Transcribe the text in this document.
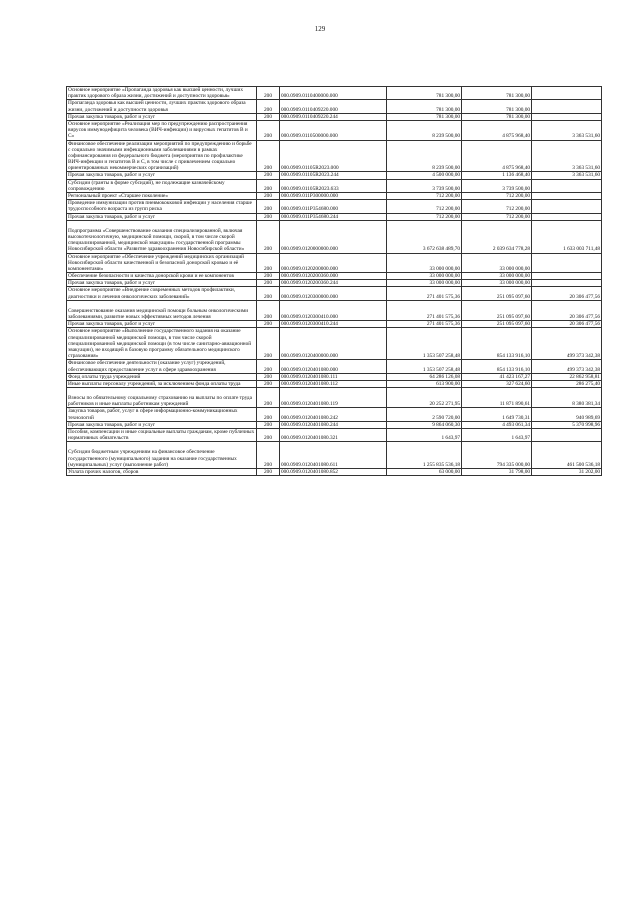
129
Основное мероприятие «Пропаганда здоровья как высшей ценности, лучших практик здорового образа жизни, достижений и доступности здоровья»	200	000.0909.0110400000.000	781 300,00	781 300,00	
Пропаганда здоровья как высшей ценности, лучших практик здорового образа жизни, достижений и доступности здоровья	200	000.0909.0110409220.000	781 300,00	781 300,00	
Прочая закупка товаров, работ и услуг	200	000.0909.0110409220.244	781 300,00	781 300,00	
Основное мероприятие «Реализация мер по предупреждению распространения вирусов иммунодефицита человека (ВИЧ-инфекции) и вирусных гепатитов В и С»	200	000.0909.0110500000.000	8 239 500,00	4 875 968,40	3 363 531,60
Финансовое обеспечение реализации мероприятий по предупреждению и борьбе с социально значимыми инфекционными заболеваниями в рамках софинансирования из федерального бюджета (мероприятия по профилактике ВИЧ-инфекции и гепатитов В и С, в том числе с привлечением социально ориентированных некоммерческих организаций)	200	000.0909.01105R2023.000	8 239 500,00	4 875 968,40	3 363 531,60
Прочая закупка товаров, работ и услуг	200	000.0909.01105R2023.244	4 500 000,00	1 136 468,40	3 363 531,60
Субсидии (гранты в форме субсидий), не подлежащие казначейскому сопровождению	200	000.0909.01105R2023.633	3 739 500,00	3 739 500,00	
Региональный проект «Старшее поколение»	200	000.0909.011P300000.000	712 200,00	712 200,00	
Проведение иммунизации против пневмококковой инфекции у населения старше трудоспособного возраста из групп риска	200	000.0909.011P354680.000	712 200,00	712 200,00	
Прочая закупка товаров, работ и услуг	200	000.0909.011P354680.244	712 200,00	712 200,00	
Подпрограмма «Совершенствование оказания специализированной, включая высокотехнологичную, медицинской помощи, скорой, в том числе скорой специализированной, медицинской эвакуации» государственной программы Новосибирской области «Развитие здравоохранения Новосибирской области»	200	000.0909.0120000000.000	3 672 638 489,70	2 039 634 778,28	1 633 003 711,48
Основное мероприятие «Обеспечение учреждений медицинских организаций Новосибирской области качественной и безопасной донорской кровью и её компонентами»	200	000.0909.0120200000.000	33 000 000,00	33 000 000,00	
Обеспечение безопасности и качества донорской крови и ее компонентов	200	000.0909.0120200360.000	33 000 000,00	33 000 000,00	
Прочая закупка товаров, работ и услуг	200	000.0909.0120200360.244	33 000 000,00	33 000 000,00	
Основное мероприятие «Внедрение современных методов профилактики, диагностики и лечения онкологических заболеваний»	200	000.0909.0120300000.000	271 401 575,36	251 095 097,60	20 306 477,56
Совершенствование оказания медицинской помощи больным онкологическими заболеваниями, развитие новых эффективных методов лечения	200	000.0909.0120300410.000	271 401 575,36	251 095 097,60	20 306 477,56
Прочая закупка товаров, работ и услуг	200	000.0909.0120300410.244	271 401 575,36	251 095 097,60	20 306 477,56
Основное мероприятие «Выполнение государственного задания на оказание специализированной медицинской помощи, в том числе скорой специализированной медицинской помощи (в том числе санитарно-авиационной эвакуации), не входящей в базовую программу обязательного медицинского страхования»	200	000.0909.0120400000.000	1 353 507 258,48	854 133 916,10	499 373 342,38
Финансовое обеспечение деятельности (оказание услуг) учреждений, обеспечивающих предоставление услуг в сфере здравоохранения	200	000.0909.0120401080.000	1 353 507 258,48	854 133 916,10	499 373 342,38
Фонд оплаты труда учреждений	200	000.0909.0120401080.111	64 286 126,08	41 423 167,27	22 862 958,81
Иные выплаты персоналу учреждений, за исключением фонда оплаты труда	200	000.0909.0120401080.112	613 900,00	327 624,60	286 275,40
Взносы по обязательному социальному страхованию на выплаты по оплате труда работников и иные выплаты работникам учреждений	200	000.0909.0120401080.119	20 252 271,95	11 871 890,61	8 380 381,34
Закупка товаров, работ, услуг в сфере информационно-коммуникационных технологий	200	000.0909.0120401080.242	2 590 720,00	1 649 730,31	940 989,69
Прочая закупка товаров, работ и услуг	200	000.0909.0120401080.244	9 864 060,30	4 493 061,34	5 370 998,96
Пособия, компенсации и иные социальные выплаты гражданам, кроме публичных нормативных обязательств	200	000.0909.0120401080.321	1 643,97	1 643,97	
Субсидии бюджетным учреждениям на финансовое обеспечение государственного (муниципального) задания на оказание государственных (муниципальных) услуг (выполнение работ)	200	000.0909.0120401080.611	1 255 835 536,18	794 335 000,00	461 500 536,18
Уплата прочих налогов, сборов	200	000.0909.0120401080.852	63 000,00	31 798,00	31 202,00
